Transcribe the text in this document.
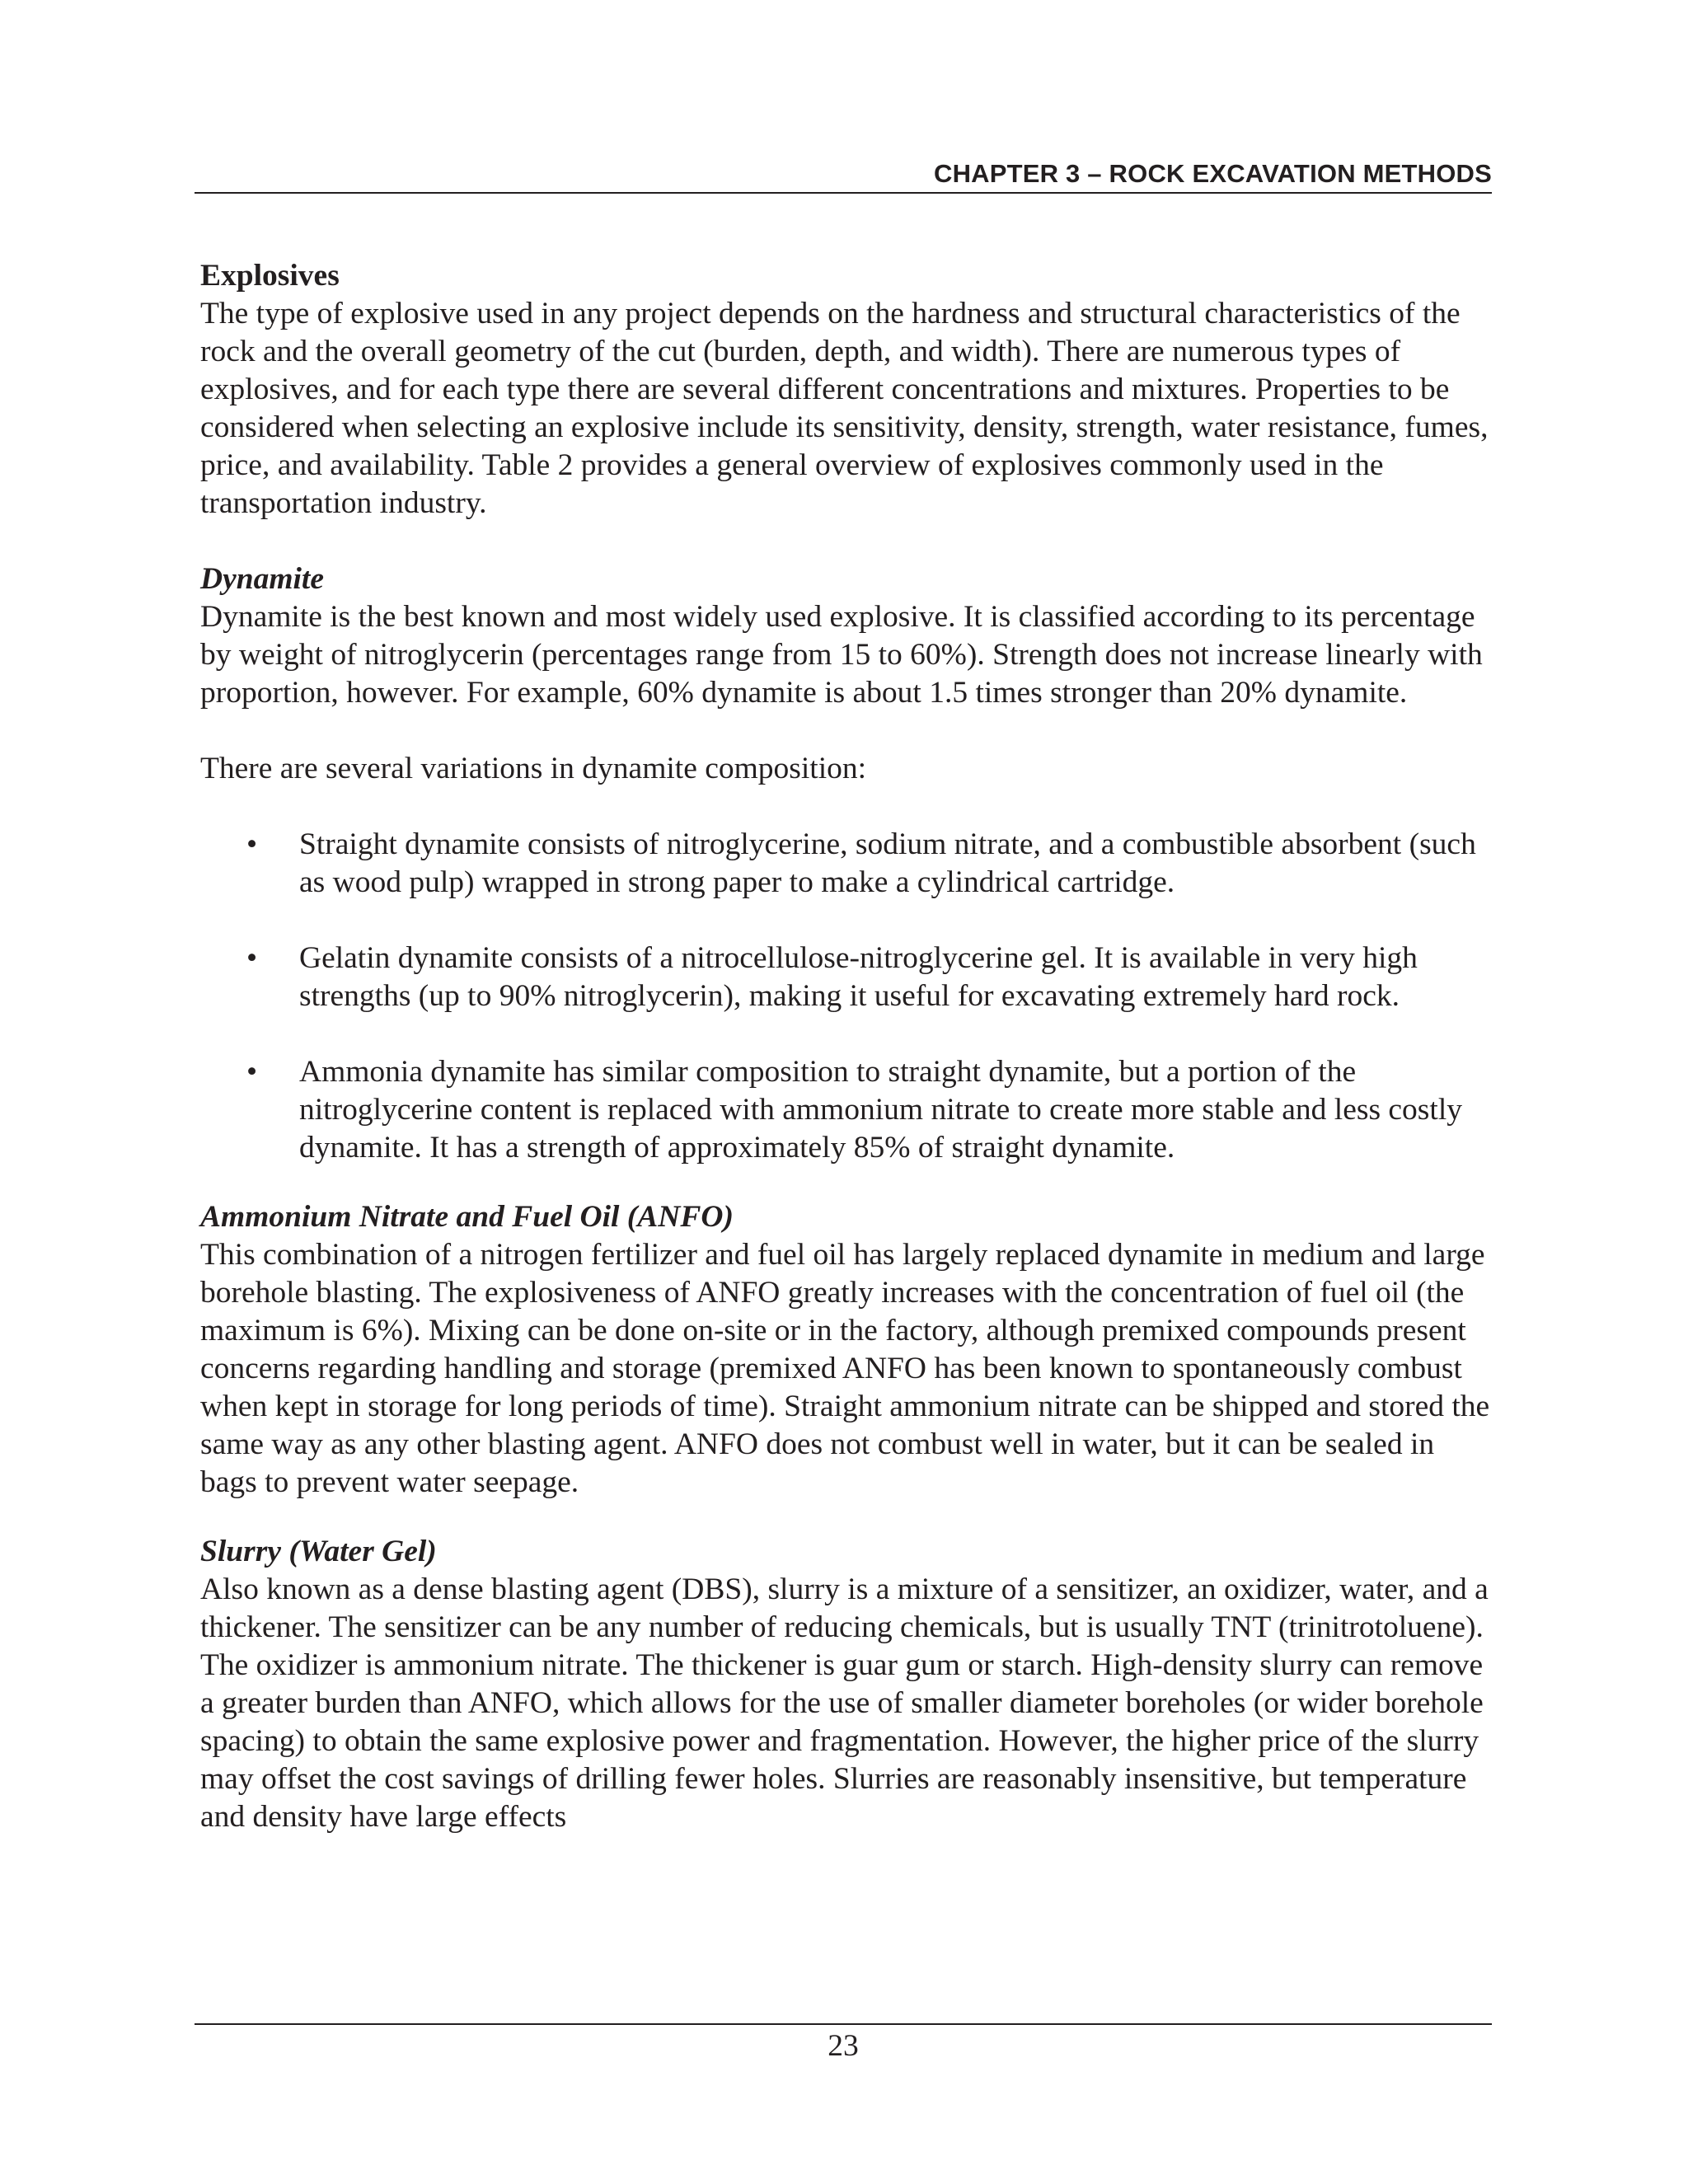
CHAPTER 3 – ROCK EXCAVATION METHODS

Explosives

The type of explosive used in any project depends on the hardness and structural characteristics of the rock and the overall geometry of the cut (burden, depth, and width). There are numerous types of explosives, and for each type there are several different concentrations and mixtures. Properties to be considered when selecting an explosive include its sensitivity, density, strength, water resistance, fumes, price, and availability. Table 2 provides a general overview of explosives commonly used in the transportation industry.

Dynamite

Dynamite is the best known and most widely used explosive. It is classified according to its percentage by weight of nitroglycerin (percentages range from 15 to 60%). Strength does not increase linearly with proportion, however. For example, 60% dynamite is about 1.5 times stronger than 20% dynamite.

There are several variations in dynamite composition:

• Straight dynamite consists of nitroglycerine, sodium nitrate, and a combustible absorbent (such as wood pulp) wrapped in strong paper to make a cylindrical cartridge.
• Gelatin dynamite consists of a nitrocellulose-nitroglycerine gel. It is available in very high strengths (up to 90% nitroglycerin), making it useful for excavating extremely hard rock.
• Ammonia dynamite has similar composition to straight dynamite, but a portion of the nitroglycerine content is replaced with ammonium nitrate to create more stable and less costly dynamite. It has a strength of approximately 85% of straight dynamite.

Ammonium Nitrate and Fuel Oil (ANFO)

This combination of a nitrogen fertilizer and fuel oil has largely replaced dynamite in medium and large borehole blasting. The explosiveness of ANFO greatly increases with the concentration of fuel oil (the maximum is 6%). Mixing can be done on-site or in the factory, although premixed compounds present concerns regarding handling and storage (premixed ANFO has been known to spontaneously combust when kept in storage for long periods of time). Straight ammonium nitrate can be shipped and stored the same way as any other blasting agent. ANFO does not combust well in water, but it can be sealed in bags to prevent water seepage.

Slurry (Water Gel)

Also known as a dense blasting agent (DBS), slurry is a mixture of a sensitizer, an oxidizer, water, and a thickener. The sensitizer can be any number of reducing chemicals, but is usually TNT (trinitrotoluene). The oxidizer is ammonium nitrate. The thickener is guar gum or starch. High-density slurry can remove a greater burden than ANFO, which allows for the use of smaller diameter boreholes (or wider borehole spacing) to obtain the same explosive power and fragmentation. However, the higher price of the slurry may offset the cost savings of drilling fewer holes. Slurries are reasonably insensitive, but temperature and density have large effects

23
